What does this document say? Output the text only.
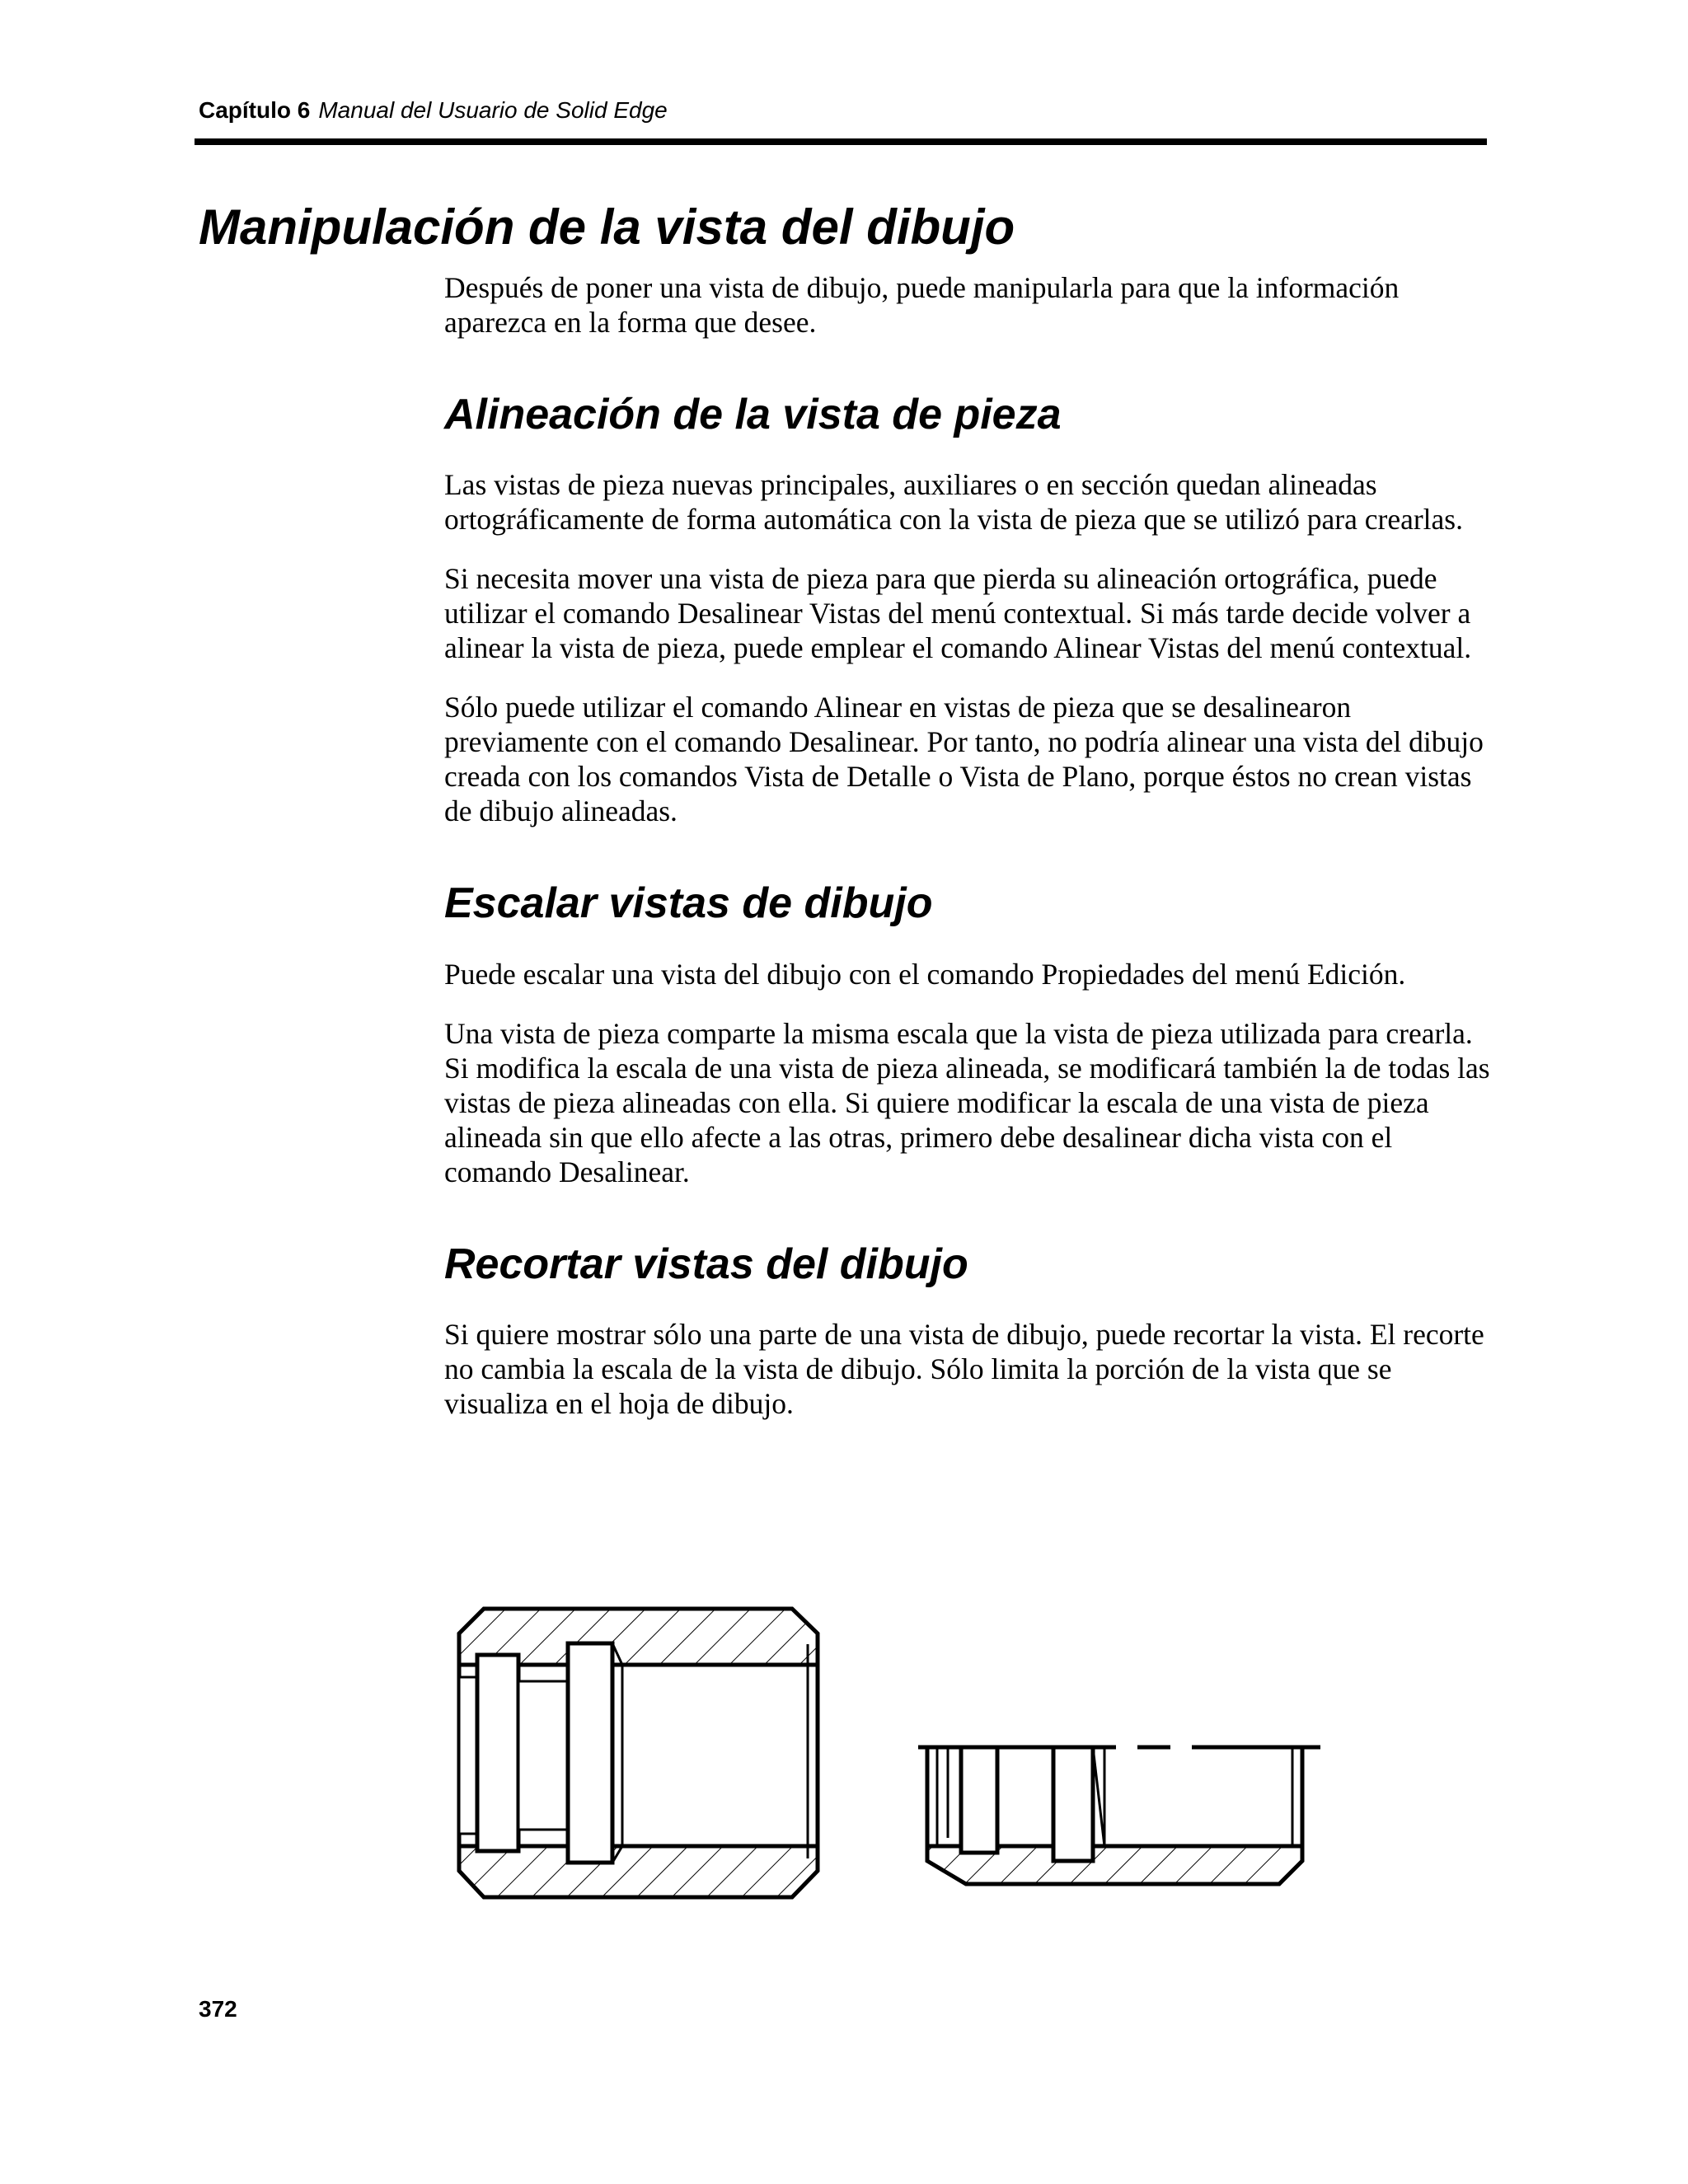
Capítulo 6 Manual del Usuario de Solid Edge
Manipulación de la vista del dibujo

Después de poner una vista de dibujo, puede manipularla para que la información aparezca en la forma que desee.

Alineación de la vista de pieza

Las vistas de pieza nuevas principales, auxiliares o en sección quedan alineadas ortográficamente de forma automática con la vista de pieza que se utilizó para crearlas.

Si necesita mover una vista de pieza para que pierda su alineación ortográfica, puede utilizar el comando Desalinear Vistas del menú contextual. Si más tarde decide volver a alinear la vista de pieza, puede emplear el comando Alinear Vistas del menú contextual.

Sólo puede utilizar el comando Alinear en vistas de pieza que se desalinearon previamente con el comando Desalinear. Por tanto, no podría alinear una vista del dibujo creada con los comandos Vista de Detalle o Vista de Plano, porque éstos no crean vistas de dibujo alineadas.

Escalar vistas de dibujo

Puede escalar una vista del dibujo con el comando Propiedades del menú Edición.

Una vista de pieza comparte la misma escala que la vista de pieza utilizada para crearla. Si modifica la escala de una vista de pieza alineada, se modificará también la de todas las vistas de pieza alineadas con ella. Si quiere modificar la escala de una vista de pieza alineada sin que ello afecte a las otras, primero debe desalinear dicha vista con el comando Desalinear.

Recortar vistas del dibujo

Si quiere mostrar sólo una parte de una vista de dibujo, puede recortar la vista. El recorte no cambia la escala de la vista de dibujo. Sólo limita la porción de la vista que se visualiza en el hoja de dibujo.

372
